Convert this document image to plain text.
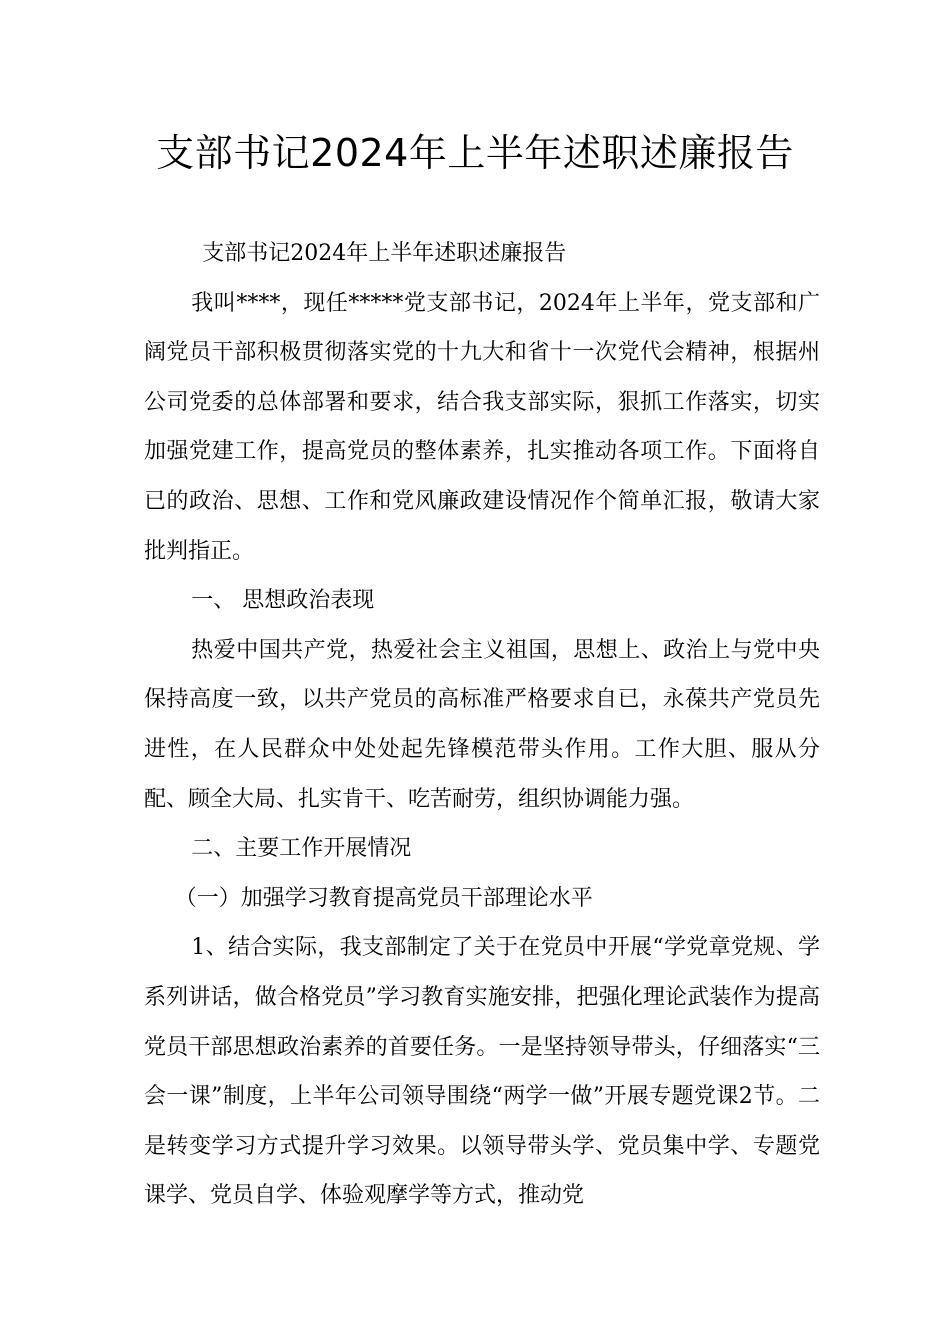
支部书记2024年上半年述职述廉报告

支部书记2024年上半年述职述廉报告

我叫****，现任*****党支部书记，2024年上半年，党支部和广阔党员干部积极贯彻落实党的十九大和省十一次党代会精神，根据州公司党委的总体部署和要求，结合我支部实际，狠抓工作落实，切实加强党建工作，提高党员的整体素养，扎实推动各项工作。下面将自已的政治、思想、工作和党风廉政建设情况作个简单汇报，敬请大家批判指正。

一、 思想政治表现

热爱中国共产党，热爱社会主义祖国，思想上、政治上与党中央保持高度一致，以共产党员的高标准严格要求自已，永葆共产党员先进性，在人民群众中处处起先锋模范带头作用。工作大胆、服从分配、顾全大局、扎实肯干、吃苦耐劳，组织协调能力强。

二、主要工作开展情况

（一）加强学习教育提高党员干部理论水平

1、结合实际，我支部制定了关于在党员中开展“学党章党规、学系列讲话，做合格党员”学习教育实施安排，把强化理论武装作为提高党员干部思想政治素养的首要任务。一是坚持领导带头，仔细落实“三会一课”制度，上半年公司领导围绕“两学一做”开展专题党课2节。二是转变学习方式提升学习效果。以领导带头学、党员集中学、专题党课学、党员自学、体验观摩学等方式，推动党
